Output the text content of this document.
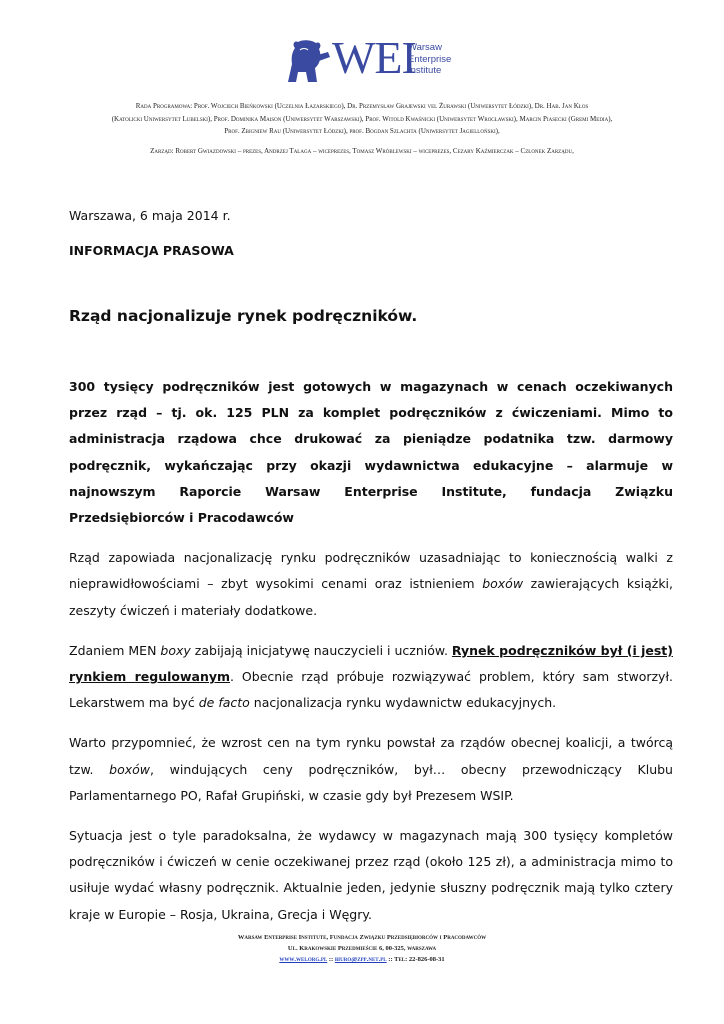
WEI
Warsaw
Enterprise
Institute

Rada Programowa: Prof. Wojciech Bieńkowski (Uczelnia Łazarskiego), Dr. Przemysław Grajewski vel Żurawski (Uniwersytet Łódzki), Dr. Hab. Jan Kłos

(Katolicki Uniwersytet Lubelski), Prof. Dominika Maison (Uniwersytet Warszawski), Prof. Witold Kwaśnicki (Uniwersytet Wrocławski), Marcin Piasecki (Gremi Media),

Prof. Zbigniew Rau (Uniwersytet Łódzki), prof. Bogdan Szlachta (Uniwersytet Jagielloński),

Zarząd: Robert Gwiazdowski – prezes, Andrzej Talaga – wiceprezes, Tomasz Wróblewski – wiceprezes, Cezary Kaźmierczak – Członek Zarządu,
Warszawa, 6 maja 2014 r.
INFORMACJA PRASOWA
Rząd nacjonalizuje rynek podręczników.

300 tysięcy podręczników jest gotowych w magazynach w cenach oczekiwanych przez rząd – tj. ok. 125 PLN za komplet podręczników z ćwiczeniami. Mimo to administracja rządowa chce drukować za pieniądze podatnika tzw. darmowy podręcznik, wykańczając przy okazji wydawnictwa edukacyjne – alarmuje w najnowszym Raporcie Warsaw Enterprise Institute, fundacja Związku Przedsiębiorców i Pracodawców

Rząd zapowiada nacjonalizację rynku podręczników uzasadniając to koniecznością walki z nieprawidłowościami – zbyt wysokimi cenami oraz istnieniem boxów zawierających książki, zeszyty ćwiczeń i materiały dodatkowe.

Zdaniem MEN boxy zabijają inicjatywę nauczycieli i uczniów. Rynek podręczników był (i jest) rynkiem regulowanym. Obecnie rząd próbuje rozwiązywać problem, który sam stworzył. Lekarstwem ma być de facto nacjonalizacja rynku wydawnictw edukacyjnych.

Warto przypomnieć, że wzrost cen na tym rynku powstał za rządów obecnej koalicji, a twórcą tzw. boxów, windujących ceny podręczników, był… obecny przewodniczący Klubu Parlamentarnego PO, Rafał Grupiński, w czasie gdy był Prezesem WSIP.

Sytuacja jest o tyle paradoksalna, że wydawcy w magazynach mają 300 tysięcy kompletów podręczników i ćwiczeń w cenie oczekiwanej przez rząd (około 125 zł), a administracja mimo to usiłuje wydać własny podręcznik. Aktualnie jeden, jedynie słuszny podręcznik mają tylko cztery kraje w Europie – Rosja, Ukraina, Grecja i Węgry.

Warsaw Enterprise Institute, Fundacja Związku Przedsiębiorców i Pracodawców

Ul. Krakowskie Przedmieście 6, 00-325, warszawa

www.wei.org.pl :: biuro@zpp.net.pl :: Tel: 22-826-08-31
